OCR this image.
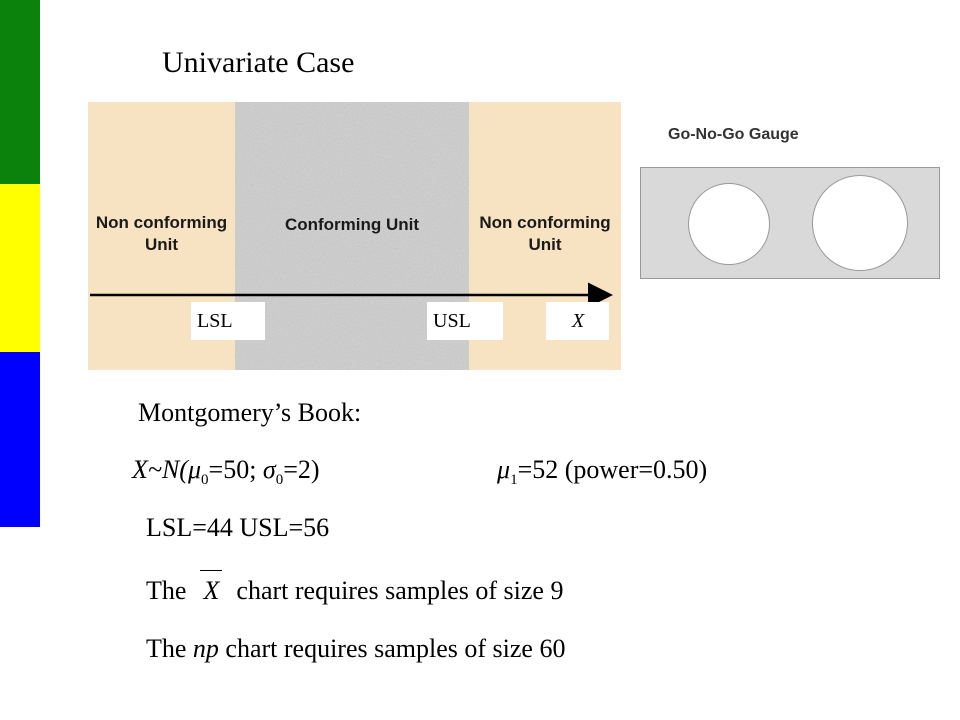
Univariate Case
Non conforming
Unit
Conforming Unit	Non conforming
Unit
LSL	USL	X
Go-No-Go Gauge
Montgomery’s Book:
$X\sim N(\mu_0=50$; $\sigma_0=2$)	$\mu_1=52$ (power=0.50)
LSL=44 USL=56
The X chart requires samples of size 9
The np chart requires samples of size 60
